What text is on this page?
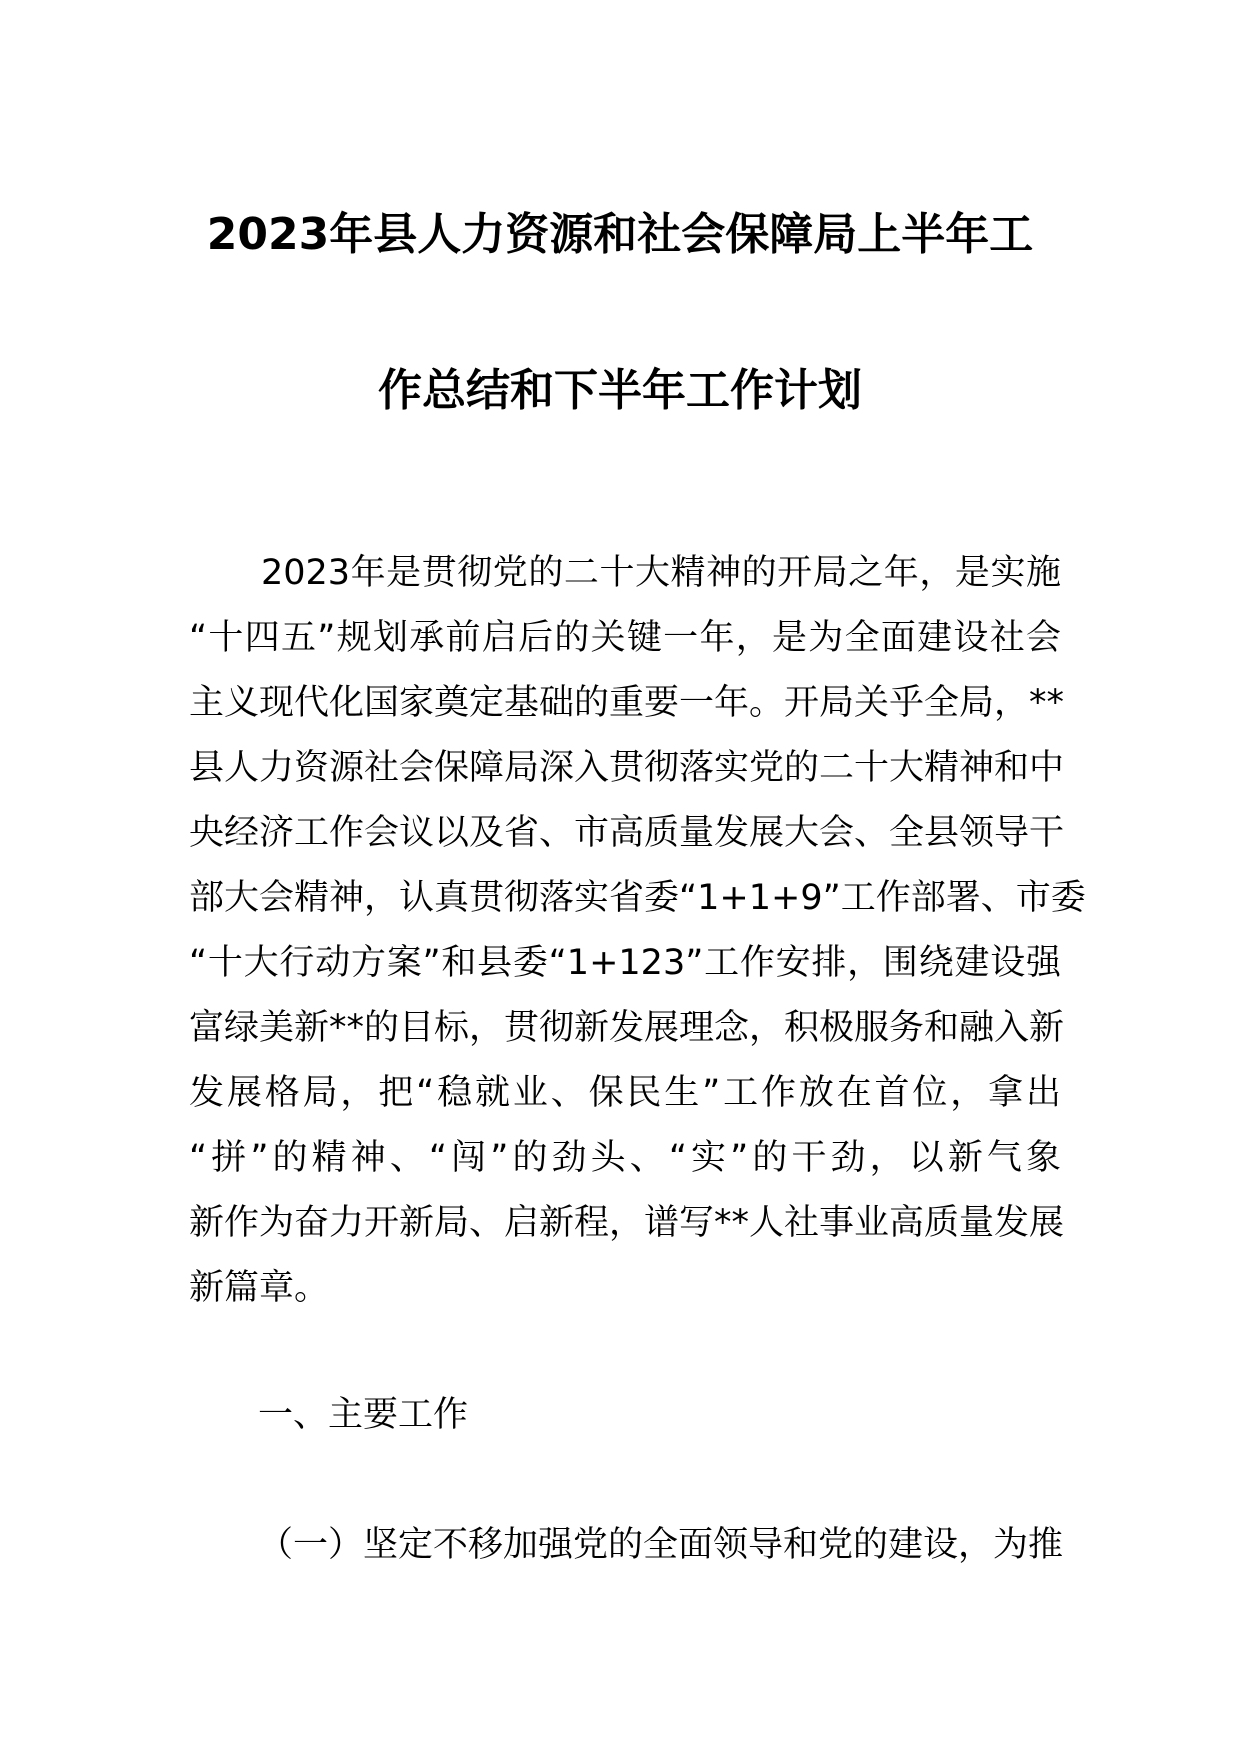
2023年县人力资源和社会保障局上半年工
作总结和下半年工作计划
2023年是贯彻党的二十大精神的开局之年，是实施
“十四五”规划承前启后的关键一年，是为全面建设社会
主义现代化国家奠定基础的重要一年。开局关乎全局，**
县人力资源社会保障局深入贯彻落实党的二十大精神和中
央经济工作会议以及省、市高质量发展大会、全县领导干
部大会精神，认真贯彻落实省委“1+1+9”工作部署、市委
“十大行动方案”和县委“1+123”工作安排，围绕建设强
富绿美新**的目标，贯彻新发展理念，积极服务和融入新
发展格局，把“稳就业、保民生”工作放在首位，拿出
“拼”的精神、“闯”的劲头、“实”的干劲，以新气象
新作为奋力开新局、启新程，谱写**人社事业高质量发展
新篇章。
一、主要工作
（一）坚定不移加强党的全面领导和党的建设，为推
